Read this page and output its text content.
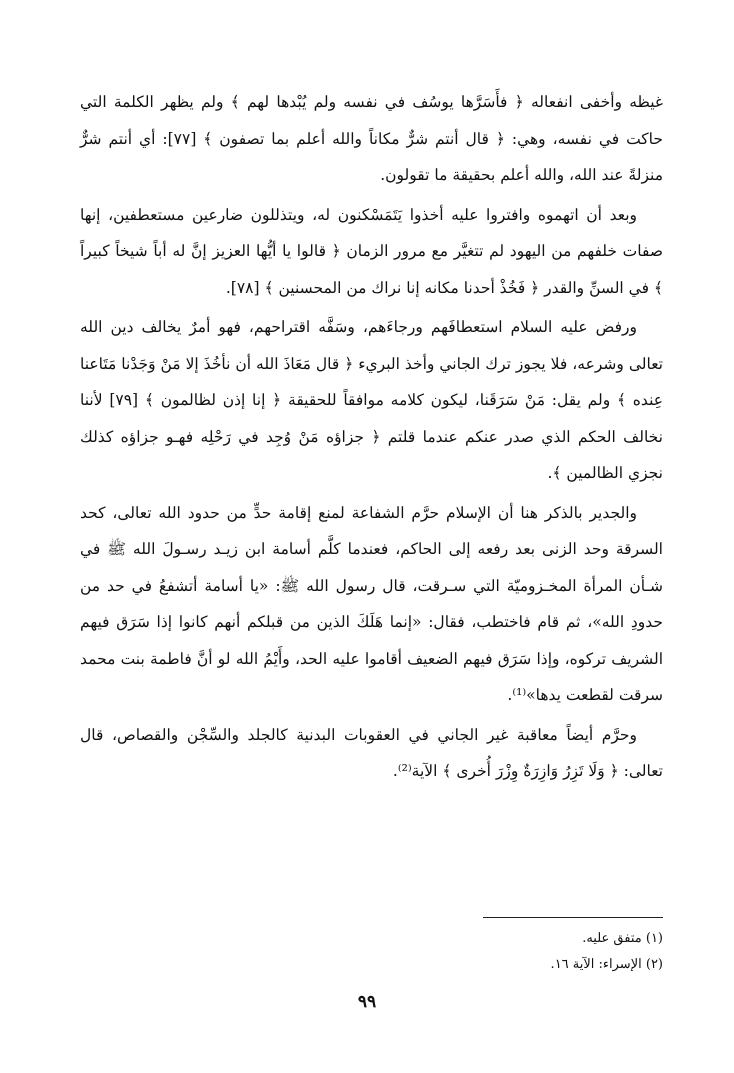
غيظه وأخفى انفعاله ﴿ فأَسَرَّها يوسُف في نفسه ولم يُبْدها لهم ﴾ ولم يظهر الكلمة التي حاكت في نفسه، وهي: ﴿ قال أنتم شرٌّ مكاناً والله أعلم بما تصفون ﴾ [٧٧]: أي أنتم شرٌّ منزلةً عند الله، والله أعلم بحقيقة ما تقولون.

وبعد أن اتهموه وافتروا عليه أخذوا يَتَمَسْكنون له، ويتذللون ضارعين مستعطفين، إنها صفات خلفهم من اليهود لم تتغيَّر مع مرور الزمان ﴿ قالوا يا أيُّها العزيز إنَّ له أباً شيخاً كبيراً ﴾ في السنِّ والقدر ﴿ فَخُذْ أحدنا مكانه إنا نراك من المحسنين ﴾ [٧٨].

ورفض عليه السلام استعطافَهم ورجاءَهم، وسَفَّه اقتراحهم، فهو أمرٌ يخالف دين الله تعالى وشرعه، فلا يجوز ترك الجاني وأخذ البريء ﴿ قال مَعَاذَ الله أن نأخُذَ إلا مَنْ وَجَدْنا مَتَاعنا عِنده ﴾ ولم يقل: مَنْ سَرَقَنا، ليكون كلامه موافقاً للحقيقة ﴿ إنا إذن لظالمون ﴾ [٧٩] لأننا نخالف الحكم الذي صدر عنكم عندما قلتم ﴿ جزاؤه مَنْ وُجِد في رَحْلِه فهـو جزاؤه كذلك نجزي الظالمين ﴾.

والجدير بالذكر هنا أن الإسلام حرَّم الشفاعة لمنع إقامة حدٍّ من حدود الله تعالى، كحد السرقة وحد الزنى بعد رفعه إلى الحاكم، فعندما كلَّم أسامة ابن زيـد رسـولَ الله ﷺ في شـأن المرأة المخـزوميّة التي سـرقت، قال رسول الله ﷺ: «يا أسامة أتشفعُ في حد من حدودِ الله»، ثم قام فاختطب، فقال: «إنما هَلَكَ الذين من قبلكم أنهم كانوا إذا سَرَق فيهم الشريف تركوه، وإذا سَرَق فيهم الضعيف أقاموا عليه الحد، وأَيْمُ الله لو أنَّ فاطمة بنت محمد سرقت لقطعت يدها»⁽¹⁾.

وحرَّم أيضاً معاقبة غير الجاني في العقوبات البدنية كالجلد والسِّجْن والقصاص، قال تعالى: ﴿ وَلَا تَزِرُ وَازِرَةٌ وِزْرَ أُخرى ﴾ الآية⁽²⁾.

(١) متفق عليه.

(٢) الإسراء: الآية ١٦.

٩٩
